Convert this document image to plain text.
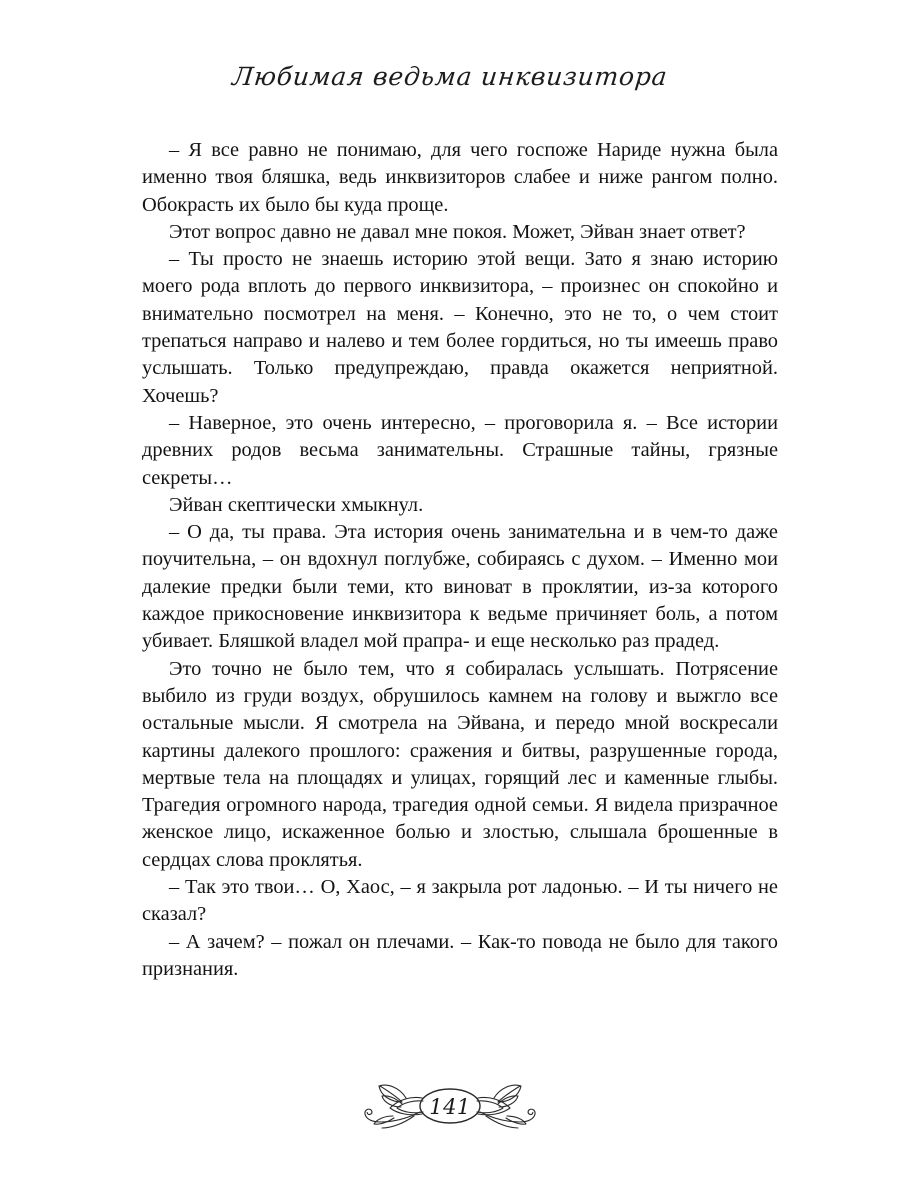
Любимая ведьма инквизитора

– Я все равно не понимаю, для чего госпоже Нариде нужна была именно твоя бляшка, ведь инквизиторов слабее и ниже рангом полно. Обокрасть их было бы куда проще.

Этот вопрос давно не давал мне покоя. Может, Эйван знает ответ?

– Ты просто не знаешь историю этой вещи. Зато я знаю историю моего рода вплоть до первого инквизитора, – произнес он спокойно и внимательно посмотрел на меня. – Конечно, это не то, о чем стоит трепаться направо и налево и тем более гордиться, но ты имеешь право услышать. Только предупреждаю, правда окажется неприятной. Хочешь?

– Наверное, это очень интересно, – проговорила я. – Все истории древних родов весьма занимательны. Страшные тайны, грязные секреты…

Эйван скептически хмыкнул.

– О да, ты права. Эта история очень занимательна и в чем-то даже поучительна, – он вдохнул поглубже, собираясь с духом. – Именно мои далекие предки были теми, кто виноват в проклятии, из-за которого каждое прикосновение инквизитора к ведьме причиняет боль, а потом убивает. Бляшкой владел мой прапра- и еще несколько раз прадед.

Это точно не было тем, что я собиралась услышать. Потрясение выбило из груди воздух, обрушилось камнем на голову и выжгло все остальные мысли. Я смотрела на Эйвана, и передо мной воскресали картины далекого прошлого: сражения и битвы, разрушенные города, мертвые тела на площадях и улицах, горящий лес и каменные глыбы. Трагедия огромного народа, трагедия одной семьи. Я видела призрачное женское лицо, искаженное болью и злостью, слышала брошенные в сердцах слова проклятья.

– Так это твои… О, Хаос, – я закрыла рот ладонью. – И ты ничего не сказал?

– А зачем? – пожал он плечами. – Как-то повода не было для такого признания.

141
